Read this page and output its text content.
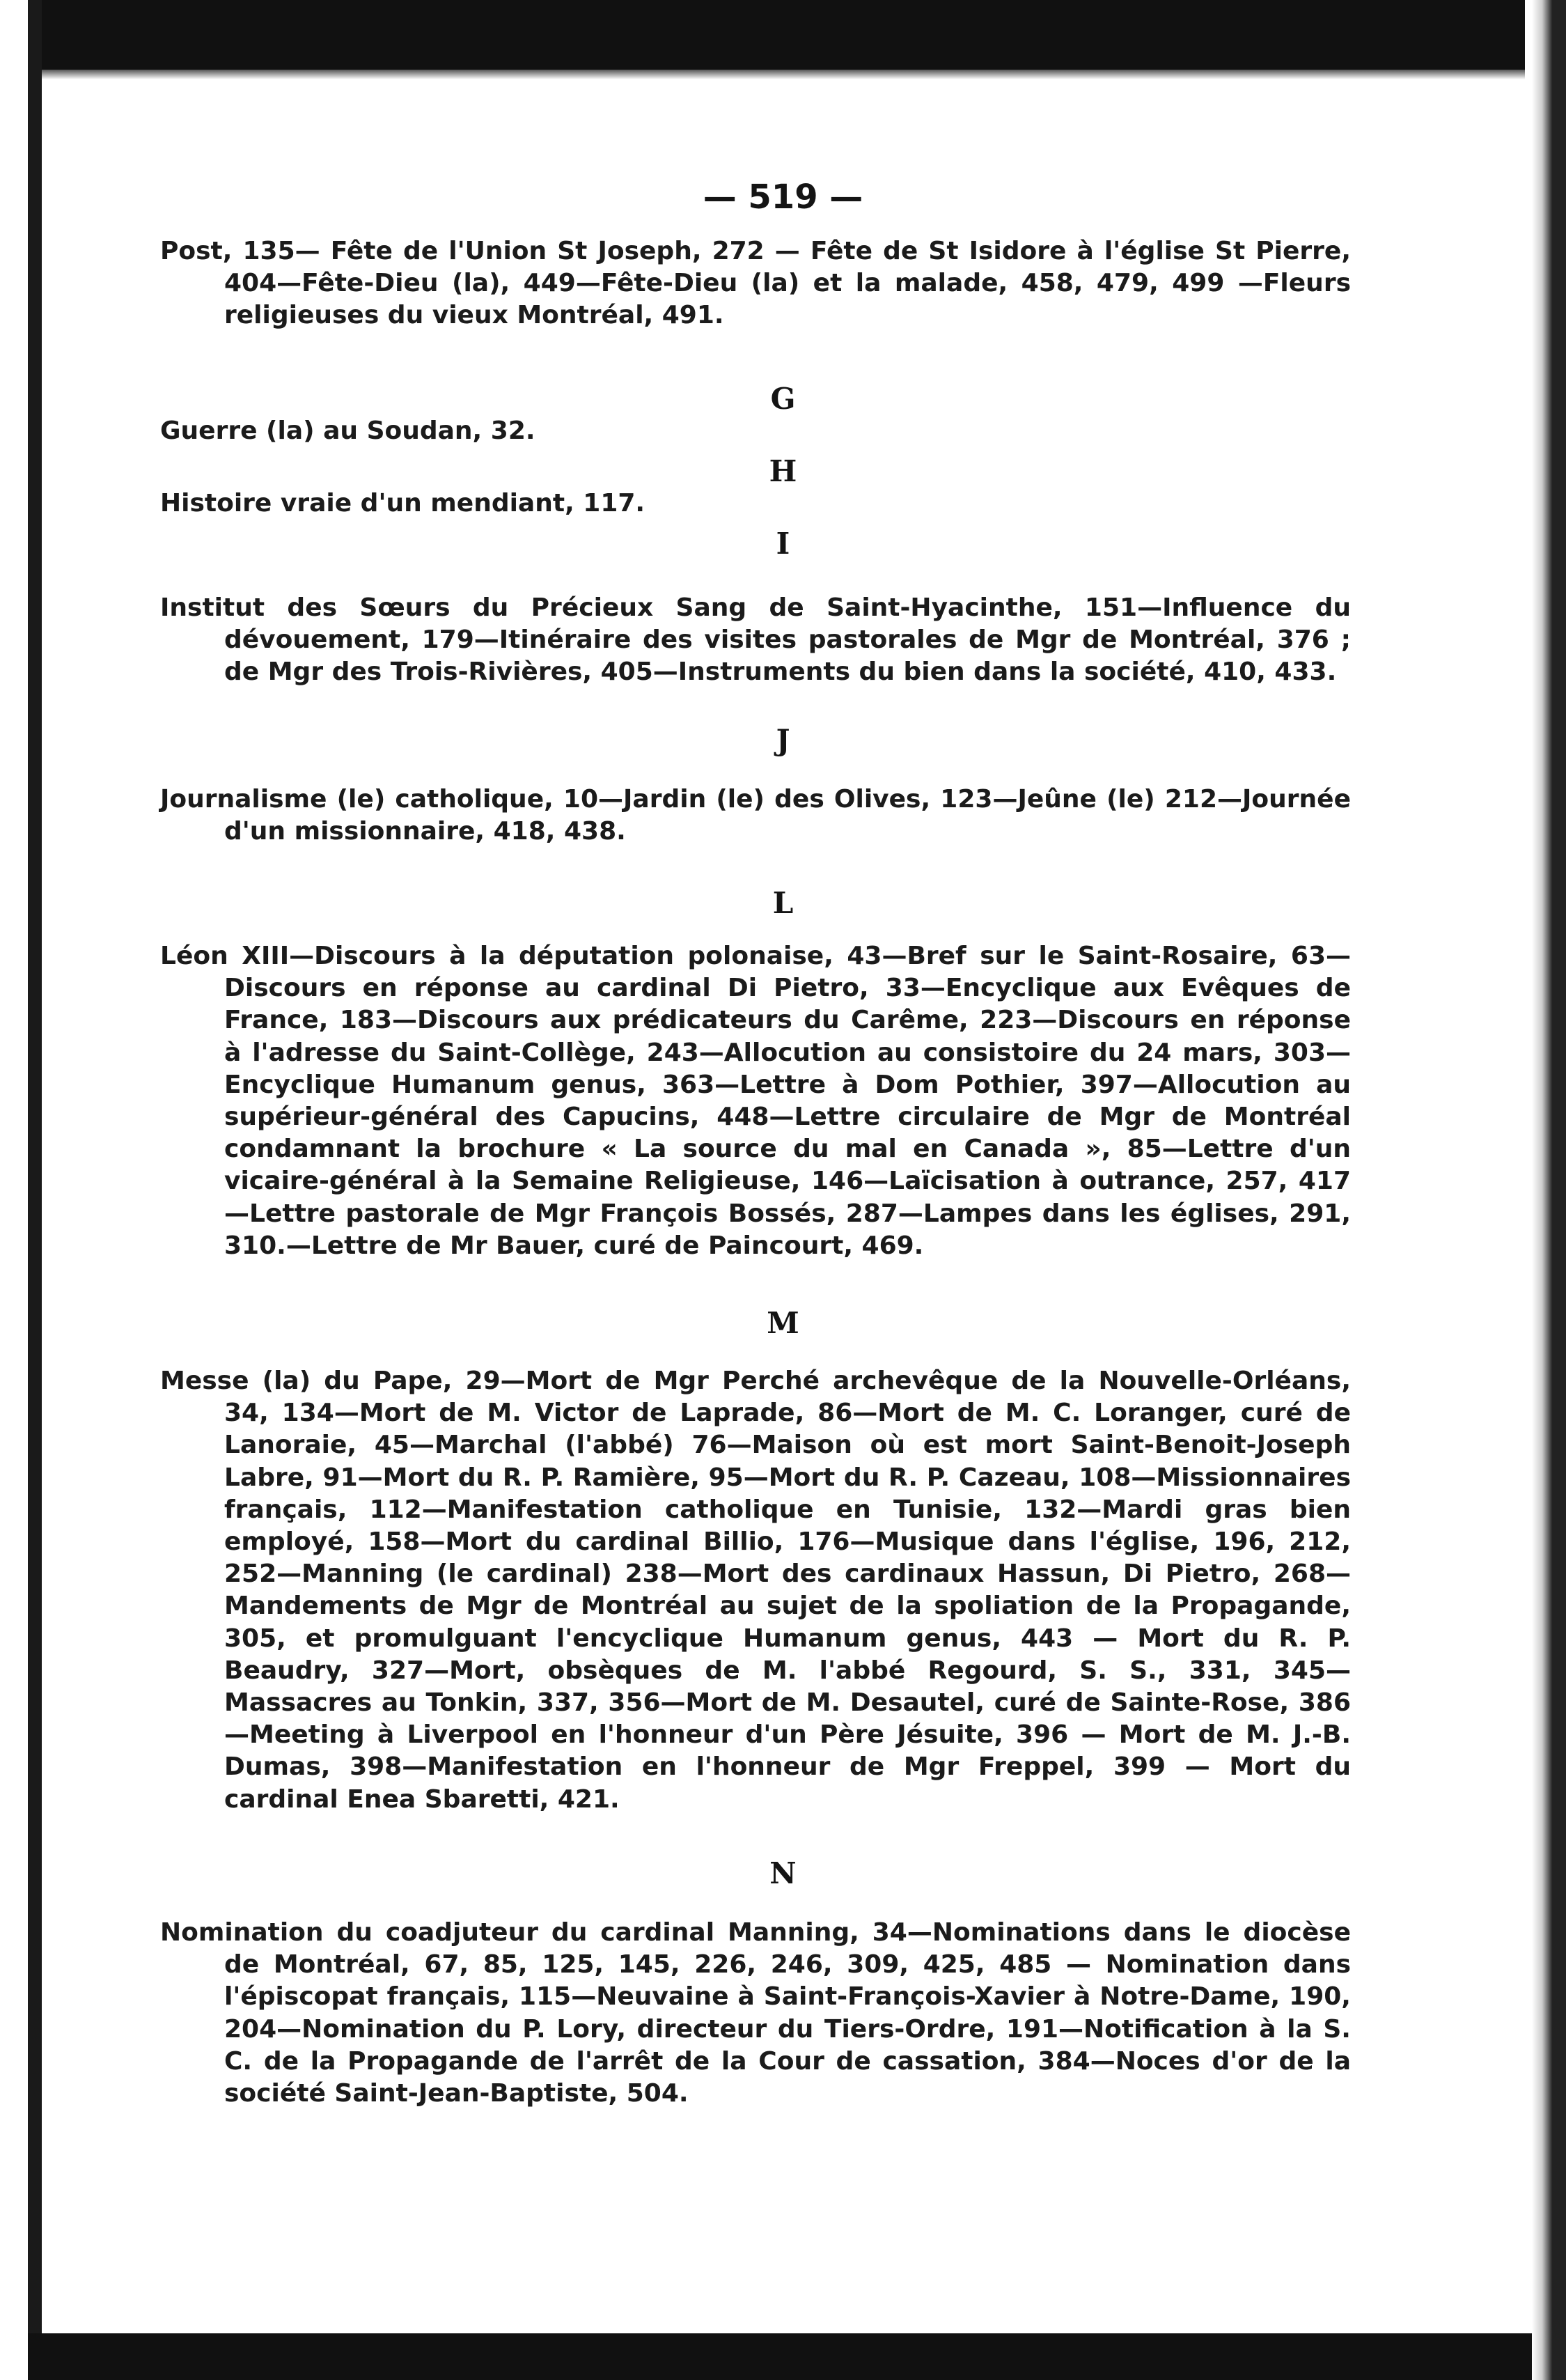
— 519 —

Post, 135— Fête de l'Union St Joseph, 272 — Fête de St Isidore à l'église St Pierre, 404—Fête-Dieu (la), 449—Fête-Dieu (la) et la malade, 458, 479, 499 —Fleurs religieuses du vieux Montréal, 491.

G

Guerre (la) au Soudan, 32.

H

Histoire vraie d'un mendiant, 117.

I

Institut des Sœurs du Précieux Sang de Saint-Hyacinthe, 151—Influence du dévouement, 179—Itinéraire des visites pastorales de Mgr de Montréal, 376 ; de Mgr des Trois-Rivières, 405—Instruments du bien dans la société, 410, 433.

J

Journalisme (le) catholique, 10—Jardin (le) des Olives, 123—Jeûne (le) 212—Journée d'un missionnaire, 418, 438.

L

Léon XIII—Discours à la députation polonaise, 43—Bref sur le Saint-Rosaire, 63—Discours en réponse au cardinal Di Pietro, 33—Encyclique aux Evêques de France, 183—Discours aux prédicateurs du Carême, 223—Discours en réponse à l'adresse du Saint-Collège, 243—Allocution au consistoire du 24 mars, 303—Encyclique Humanum genus, 363—Lettre à Dom Pothier, 397—Allocution au supérieur-général des Capucins, 448—Lettre circulaire de Mgr de Montréal condamnant la brochure « La source du mal en Canada », 85—Lettre d'un vicaire-général à la Semaine Religieuse, 146—Laïcisation à outrance, 257, 417—Lettre pastorale de Mgr François Bossés, 287—Lampes dans les églises, 291, 310.—Lettre de Mr Bauer, curé de Paincourt, 469.

M

Messe (la) du Pape, 29—Mort de Mgr Perché archevêque de la Nouvelle-Orléans, 34, 134—Mort de M. Victor de Laprade, 86—Mort de M. C. Loranger, curé de Lanoraie, 45—Marchal (l'abbé) 76—Maison où est mort Saint-Benoit-Joseph Labre, 91—Mort du R. P. Ramière, 95—Mort du R. P. Cazeau, 108—Missionnaires français, 112—Manifestation catholique en Tunisie, 132—Mardi gras bien employé, 158—Mort du cardinal Billio, 176—Musique dans l'église, 196, 212, 252—Manning (le cardinal) 238—Mort des cardinaux Hassun, Di Pietro, 268—Mandements de Mgr de Montréal au sujet de la spoliation de la Propagande, 305, et promulguant l'encyclique Humanum genus, 443 — Mort du R. P. Beaudry, 327—Mort, obsèques de M. l'abbé Regourd, S. S., 331, 345—Massacres au Tonkin, 337, 356—Mort de M. Desautel, curé de Sainte-Rose, 386—Meeting à Liverpool en l'honneur d'un Père Jésuite, 396 — Mort de M. J.-B. Dumas, 398—Manifestation en l'honneur de Mgr Freppel, 399 — Mort du cardinal Enea Sbaretti, 421.

N

Nomination du coadjuteur du cardinal Manning, 34—Nominations dans le diocèse de Montréal, 67, 85, 125, 145, 226, 246, 309, 425, 485 — Nomination dans l'épiscopat français, 115—Neuvaine à Saint-François-Xavier à Notre-Dame, 190, 204—Nomination du P. Lory, directeur du Tiers-Ordre, 191—Notification à la S. C. de la Propagande de l'arrêt de la Cour de cassation, 384—Noces d'or de la société Saint-Jean-Baptiste, 504.
